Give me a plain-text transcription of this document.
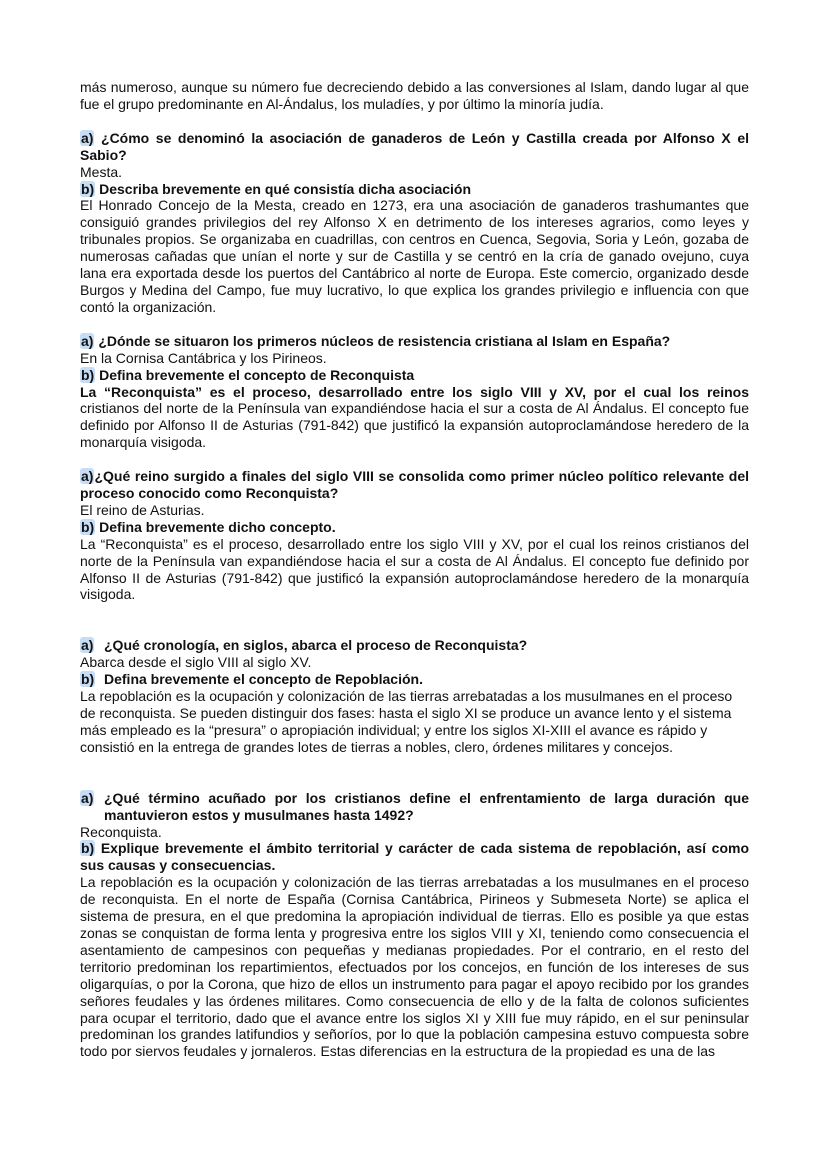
más numeroso, aunque su número fue decreciendo debido a las conversiones al Islam, dando lugar al que fue el grupo predominante en Al-Ándalus, los muladíes, y por último la minoría judía.

a) ¿Cómo se denominó la asociación de ganaderos de León y Castilla creada por Alfonso X el Sabio?

Mesta.

b) Describa brevemente en qué consistía dicha asociación

El Honrado Concejo de la Mesta, creado en 1273, era una asociación de ganaderos trashumantes que consiguió grandes privilegios del rey Alfonso X en detrimento de los intereses agrarios, como leyes y tribunales propios. Se organizaba en cuadrillas, con centros en Cuenca, Segovia, Soria y León, gozaba de numerosas cañadas que unían el norte y sur de Castilla y se centró en la cría de ganado ovejuno, cuya lana era exportada desde los puertos del Cantábrico al norte de Europa. Este comercio, organizado desde Burgos y Medina del Campo, fue muy lucrativo, lo que explica los grandes privilegio e influencia con que contó la organización.

a) ¿Dónde se situaron los primeros núcleos de resistencia cristiana al Islam en España?

En la Cornisa Cantábrica y los Pirineos.

b) Defina brevemente el concepto de Reconquista

La “Reconquista” es el proceso, desarrollado entre los siglo VIII y XV, por el cual los reinos cristianos del norte de la Península van expandiéndose hacia el sur a costa de Al Ándalus. El concepto fue definido por Alfonso II de Asturias (791-842) que justificó la expansión autoproclamándose heredero de la monarquía visigoda.

a)¿Qué reino surgido a finales del siglo VIII se consolida como primer núcleo político relevante del proceso conocido como Reconquista?

El reino de Asturias.

b) Defina brevemente dicho concepto.

La “Reconquista” es el proceso, desarrollado entre los siglo VIII y XV, por el cual los reinos cristianos del norte de la Península van expandiéndose hacia el sur a costa de Al Ándalus. El concepto fue definido por Alfonso II de Asturias (791-842) que justificó la expansión autoproclamándose heredero de la monarquía visigoda.

a) ¿Qué cronología, en siglos, abarca el proceso de Reconquista?

Abarca desde el siglo VIII al siglo XV.

b) Defina brevemente el concepto de Repoblación.

La repoblación es la ocupación y colonización de las tierras arrebatadas a los musulmanes en el proceso de reconquista. Se pueden distinguir dos fases: hasta el siglo XI se produce un avance lento y el sistema más empleado es la “presura” o apropiación individual; y entre los siglos XI-XIII el avance es rápido y consistió en la entrega de grandes lotes de tierras a nobles, clero, órdenes militares y concejos.

a) ¿Qué término acuñado por los cristianos define el enfrentamiento de larga duración que mantuvieron estos y musulmanes hasta 1492?

Reconquista.

b) Explique brevemente el ámbito territorial y carácter de cada sistema de repoblación, así como sus causas y consecuencias.

La repoblación es la ocupación y colonización de las tierras arrebatadas a los musulmanes en el proceso de reconquista. En el norte de España (Cornisa Cantábrica, Pirineos y Submeseta Norte) se aplica el sistema de presura, en el que predomina la apropiación individual de tierras. Ello es posible ya que estas zonas se conquistan de forma lenta y progresiva entre los siglos VIII y XI, teniendo como consecuencia el asentamiento de campesinos con pequeñas y medianas propiedades. Por el contrario, en el resto del territorio predominan los repartimientos, efectuados por los concejos, en función de los intereses de sus oligarquías, o por la Corona, que hizo de ellos un instrumento para pagar el apoyo recibido por los grandes señores feudales y las órdenes militares. Como consecuencia de ello y de la falta de colonos suficientes para ocupar el territorio, dado que el avance entre los siglos XI y XIII fue muy rápido, en el sur peninsular predominan los grandes latifundios y señoríos, por lo que la población campesina estuvo compuesta sobre todo por siervos feudales y jornaleros. Estas diferencias en la estructura de la propiedad es una de las
